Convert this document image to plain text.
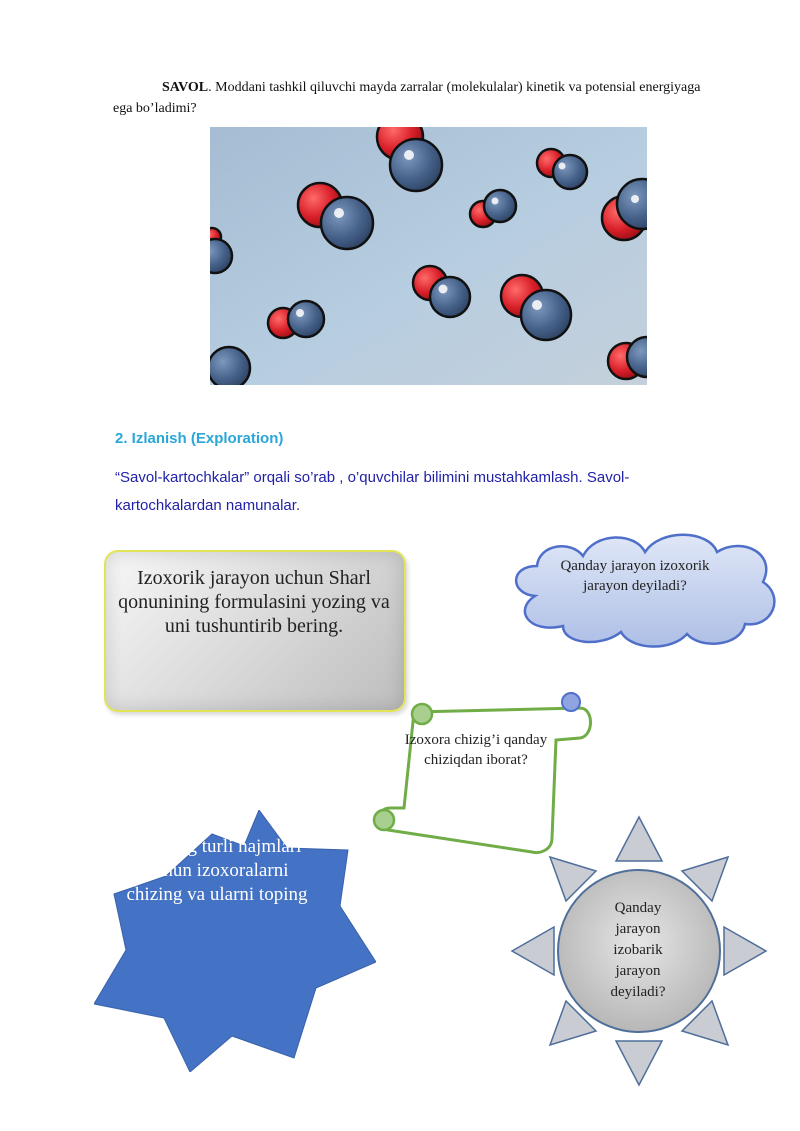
SAVOL. Moddani tashkil qiluvchi mayda zarralar (molekulalar) kinetik va potensial energiyaga ega bo’ladimi?
2. Izlanish (Exploration)
“Savol-kartochkalar” orqali so’rab , o’quvchilar bilimini mustahkamlash. Savol-kartochkalardan namunalar.
Izoxorik jarayon uchun Sharl qonunining formulasini yozing va uni tushuntirib bering.
Qanday jarayon izoxorik jarayon deyiladi?
Izoxora chizig’i qanday chiziqdan iborat?
Gazning turli hajmlari uchun izoxoralarni chizing va ularni toping
Qanday jarayon izobarik jarayon deyiladi?
